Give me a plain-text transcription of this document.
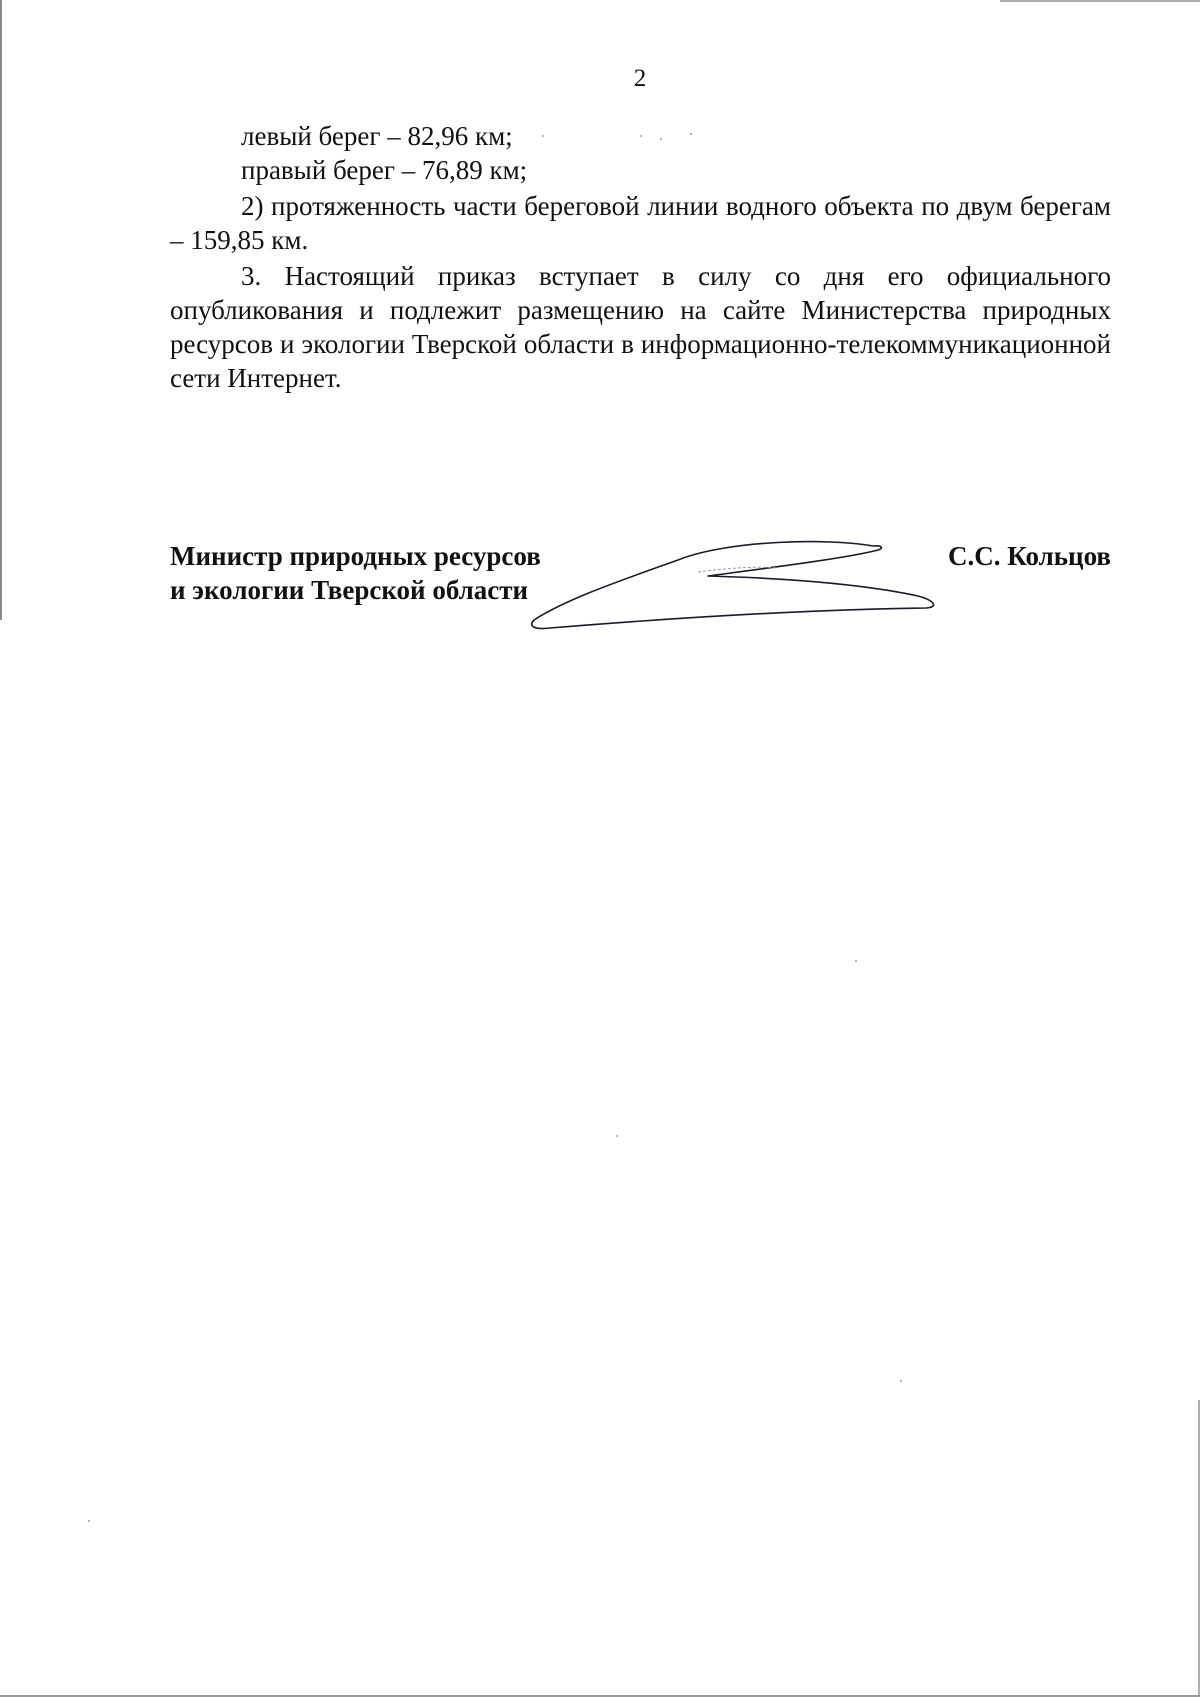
2

левый берег – 82,96 км;

правый берег – 76,89 км;

2) протяженность части береговой линии водного объекта по двум берегам – 159,85 км.

3. Настоящий приказ вступает в силу со дня его официального опубликования и подлежит размещению на сайте Министерства природных ресурсов и экологии Тверской области в информационно-телекоммуникационной сети Интернет.

Министр природных ресурсов
и экологии Тверской области
С.С. Кольцов
